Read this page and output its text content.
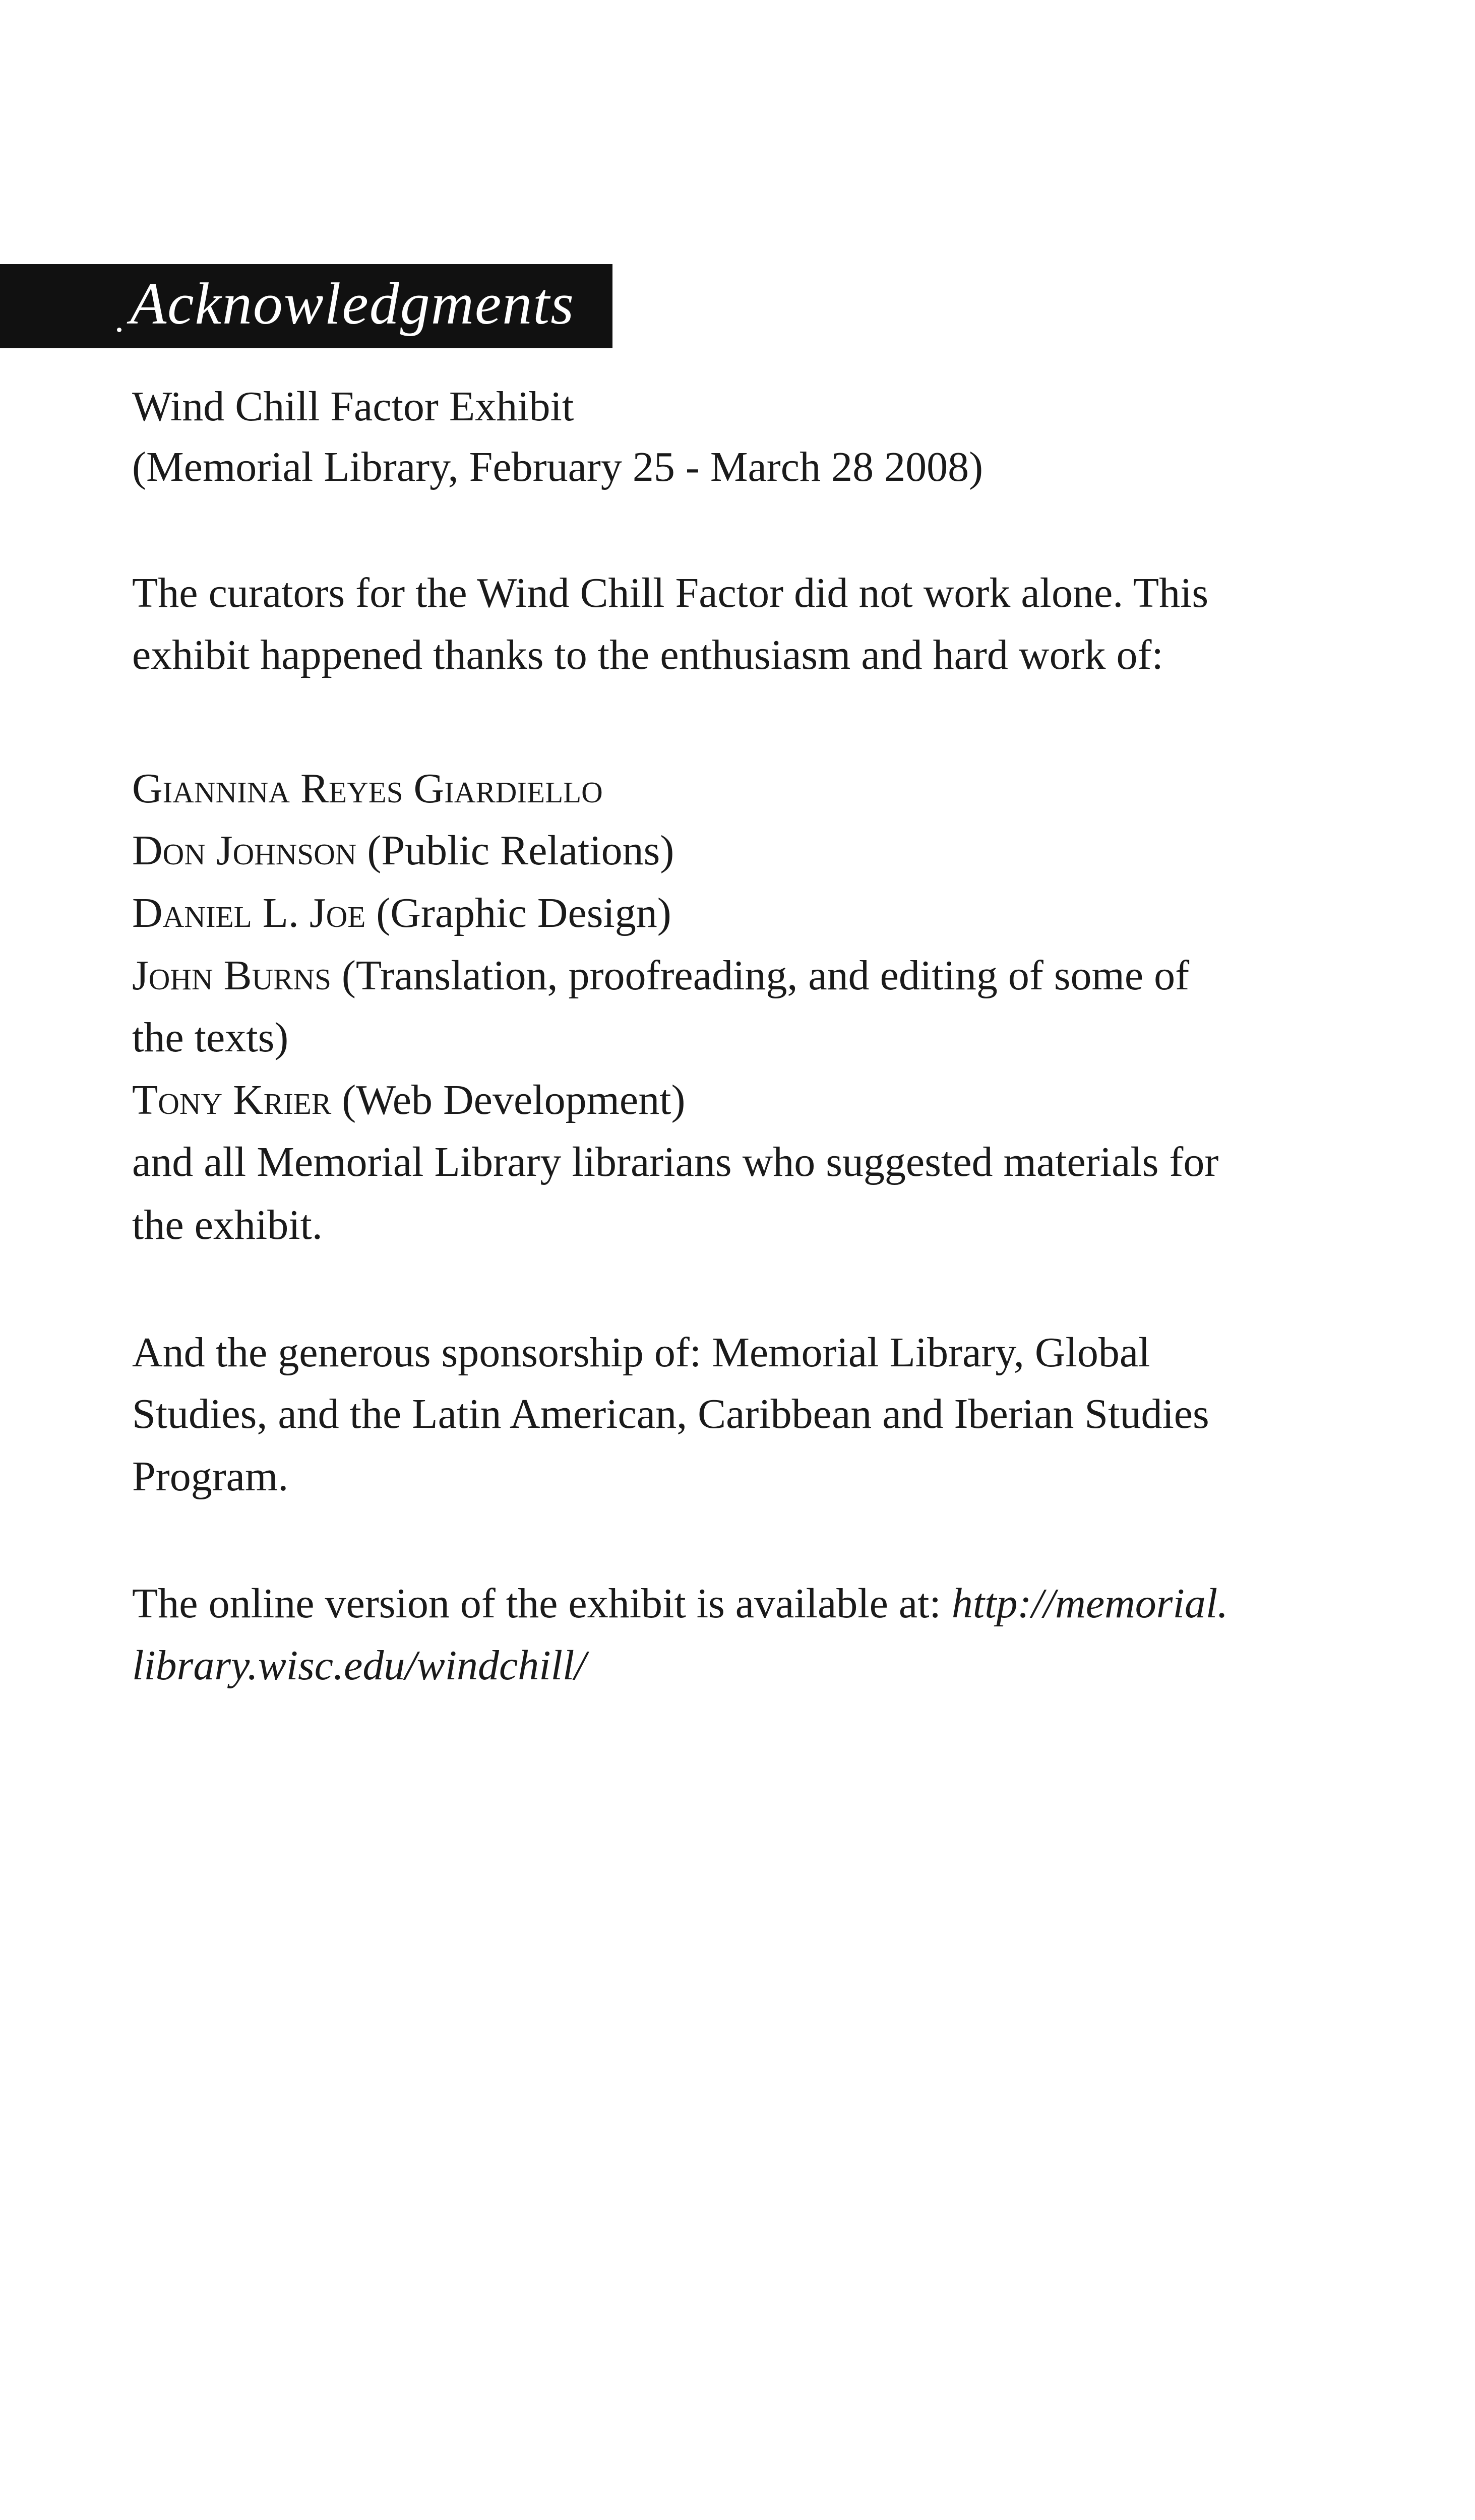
Acknowledgments
Wind Chill Factor Exhibit
(Memorial Library, February 25 - March 28 2008)
The curators for the Wind Chill Factor did not work alone. This
exhibit happened thanks to the enthusiasm and hard work of:
Giannina Reyes Giardiello
Don Johnson (Public Relations)
Daniel L. Joe (Graphic Design)
John Burns (Translation, proofreading, and editing of some of
the texts)
Tony Krier (Web Development)
and all Memorial Library librarians who suggested materials for
the exhibit.
And the generous sponsorship of: Memorial Library, Global
Studies, and the Latin American, Caribbean and Iberian Studies
Program.
The online version of the exhibit is available at: http://memorial.
library.wisc.edu/windchill/
